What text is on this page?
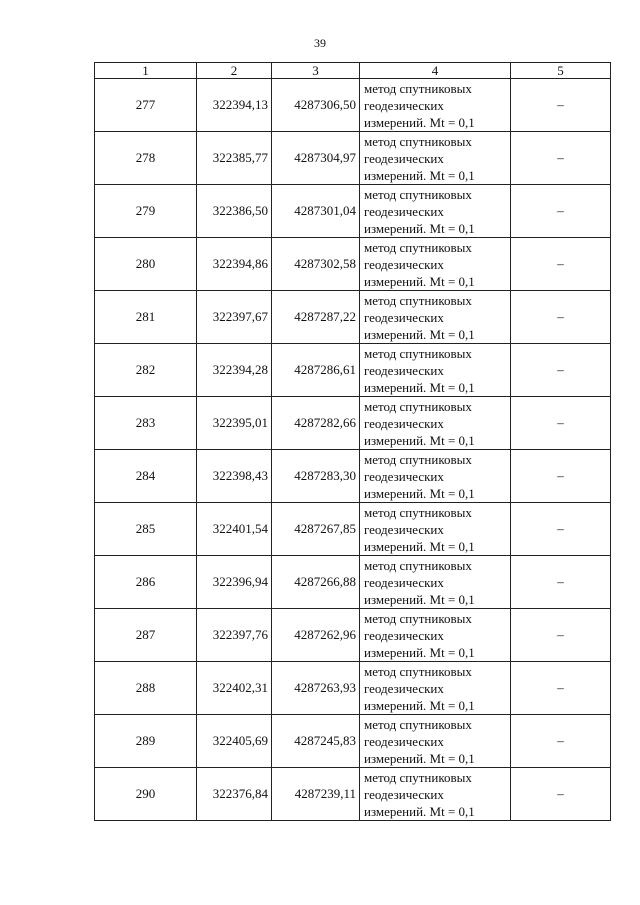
39
1	2	3	4	5
277	322394,13	4287306,50	метод спутниковых
геодезических
измерений. Mt = 0,1	–
278	322385,77	4287304,97	метод спутниковых
геодезических
измерений. Mt = 0,1	–
279	322386,50	4287301,04	метод спутниковых
геодезических
измерений. Mt = 0,1	–
280	322394,86	4287302,58	метод спутниковых
геодезических
измерений. Mt = 0,1	–
281	322397,67	4287287,22	метод спутниковых
геодезических
измерений. Mt = 0,1	–
282	322394,28	4287286,61	метод спутниковых
геодезических
измерений. Mt = 0,1	–
283	322395,01	4287282,66	метод спутниковых
геодезических
измерений. Mt = 0,1	–
284	322398,43	4287283,30	метод спутниковых
геодезических
измерений. Mt = 0,1	–
285	322401,54	4287267,85	метод спутниковых
геодезических
измерений. Mt = 0,1	–
286	322396,94	4287266,88	метод спутниковых
геодезических
измерений. Mt = 0,1	–
287	322397,76	4287262,96	метод спутниковых
геодезических
измерений. Mt = 0,1	–
288	322402,31	4287263,93	метод спутниковых
геодезических
измерений. Mt = 0,1	–
289	322405,69	4287245,83	метод спутниковых
геодезических
измерений. Mt = 0,1	–
290	322376,84	4287239,11	метод спутниковых
геодезических
измерений. Mt = 0,1	–
